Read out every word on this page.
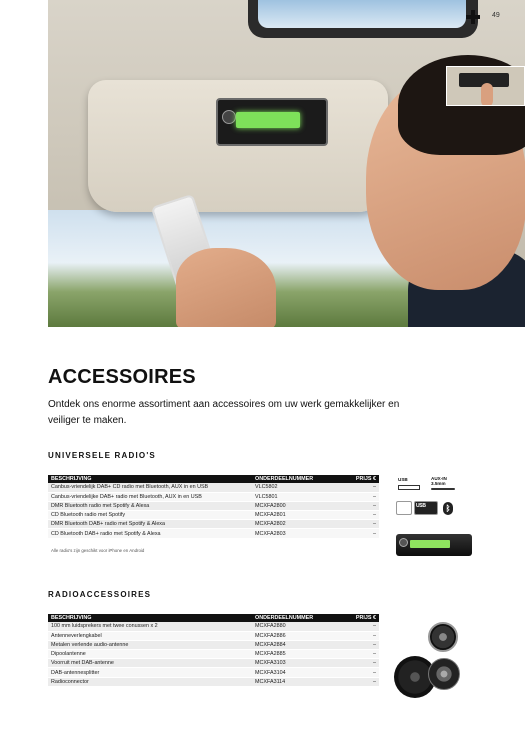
49
ACCESSOIRES

Ontdek ons enorme assortiment aan accessoires om uw werk gemakkelijker en veiliger te maken.

UNIVERSELE RADIO'S
BESCHRIJVING	ONDERDEELNUMMER	PRIJS €
Canbus-vriendelijk DAB+ CD radio met Bluetooth, AUX in en USB	VLC5802	–
Canbus-vriendelijke DAB+ radio met Bluetooth, AUX in en USB	VLC5801	–
DMR Bluetooth radio met Spotify & Alexa	MCXFA2800	–
CD Bluetooth radio met Spotify	MCXFA2801	–
DMR Bluetooth DAB+ radio met Spotify & Alexa	MCXFA2802	–
CD Bluetooth DAB+ radio met Spotify & Alexa	MCXFA2803	–
Alle radio's zijn geschikt voor iPhone en Android
USB	AUX-IN
3.5mm
USB	ᛒ
RADIOACCESSOIRES
BESCHRIJVING	ONDERDEELNUMMER	PRIJS €
100 mm luidsprekers met twee conussen x 2	MCXFA2880	–
Antenneverlengkabel	MCXFA2886	–
Metalen verlende audio-antenne	MCXFA2884	–
Dipoolantenne	MCXFA2885	–
Voorruit met DAB-antenne	MCXFA3103	–
DAB-antennesplitter	MCXFA3104	–
Radioconnector	MCXFA3114	–
